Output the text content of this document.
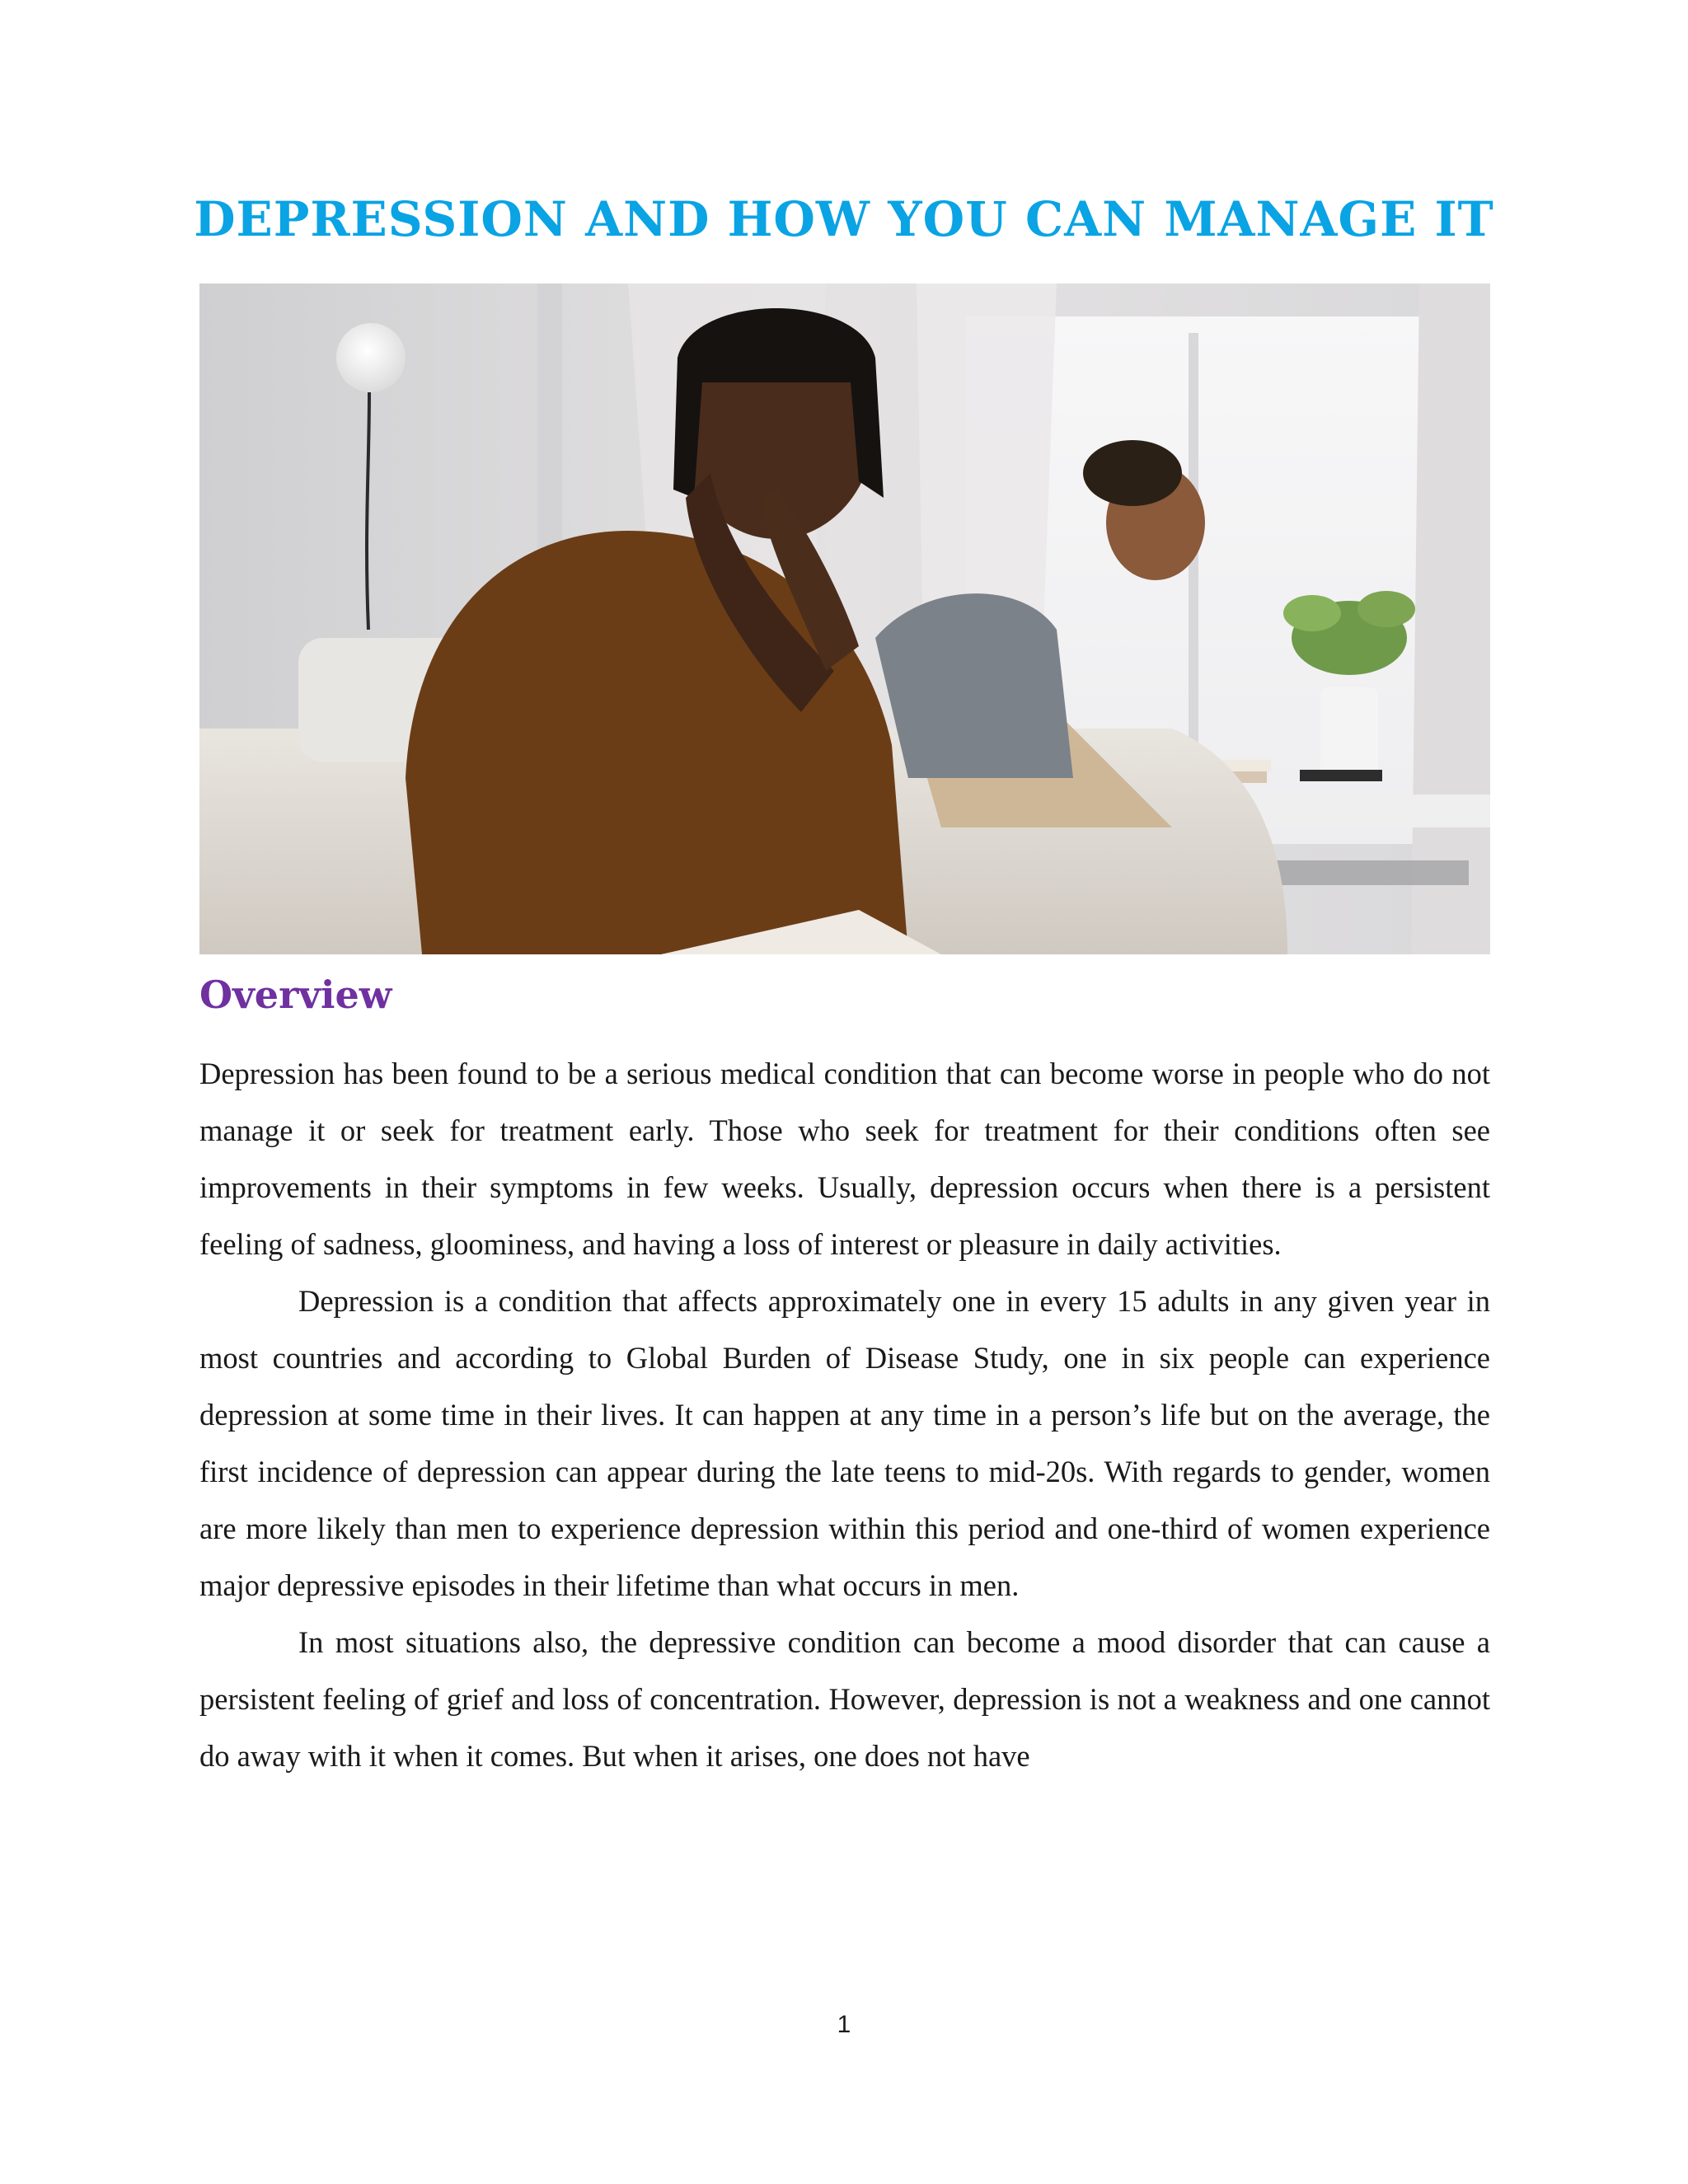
DEPRESSION AND HOW YOU CAN MANAGE IT
Overview

Depression has been found to be a serious medical condition that can become worse in people who do not manage it or seek for treatment early. Those who seek for treatment for their conditions often see improvements in their symptoms in few weeks. Usually, depression occurs when there is a persistent feeling of sadness, gloominess, and having a loss of interest or pleasure in daily activities.

Depression is a condition that affects approximately one in every 15 adults in any given year in most countries and according to Global Burden of Disease Study, one in six people can experience depression at some time in their lives. It can happen at any time in a person’s life but on the average, the first incidence of depression can appear during the late teens to mid-20s. With regards to gender, women are more likely than men to experience depression within this period and one-third of women experience major depressive episodes in their lifetime than what occurs in men.

In most situations also, the depressive condition can become a mood disorder that can cause a persistent feeling of grief and loss of concentration. However, depression is not a weakness and one cannot do away with it when it comes. But when it arises, one does not have

1
